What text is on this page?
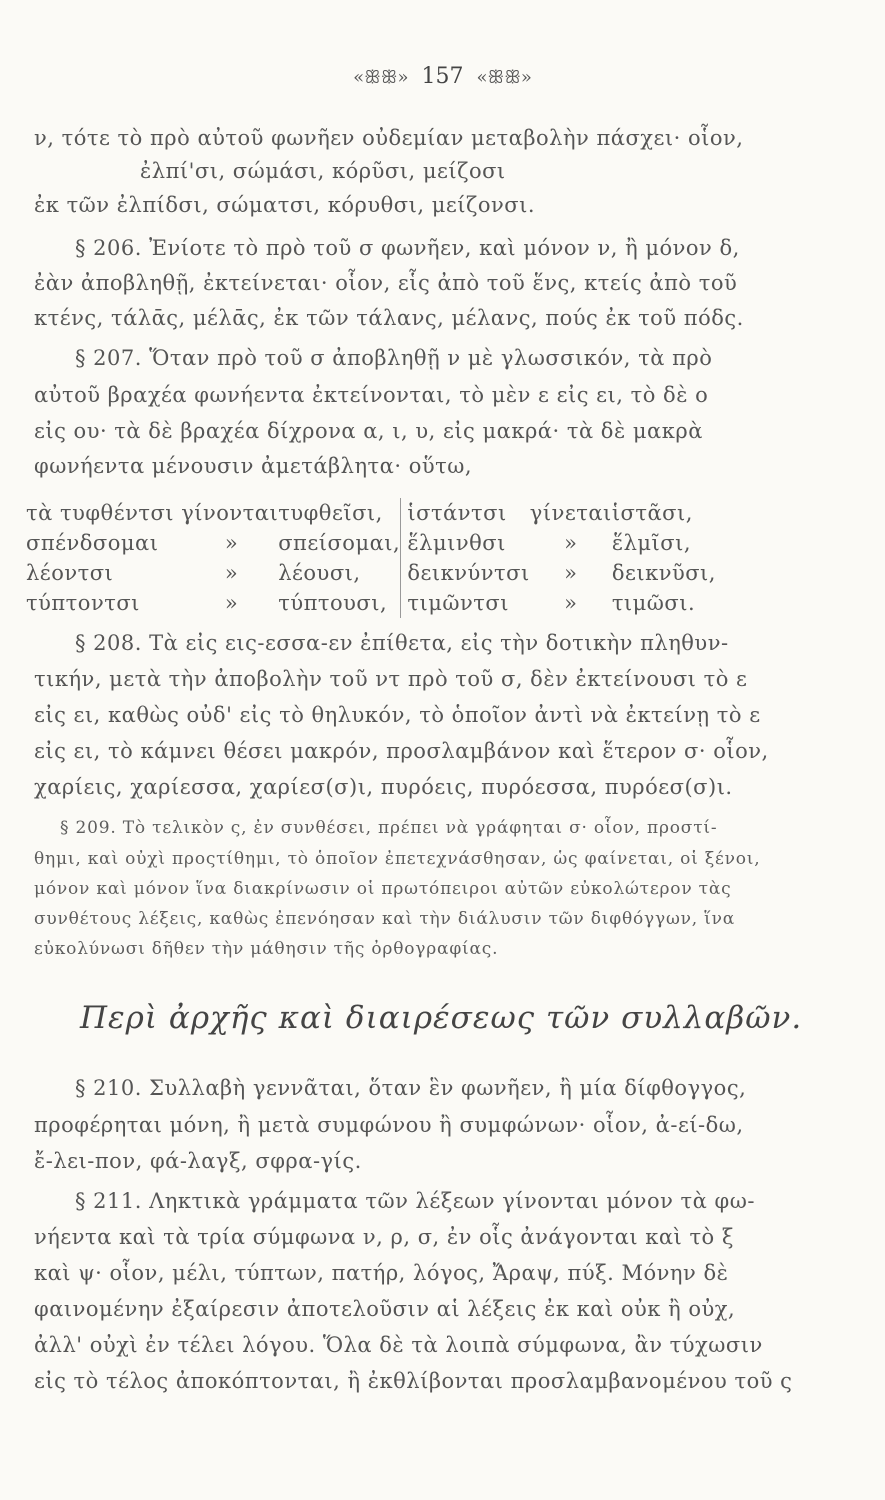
«ꕥꕥ» 157 «ꕥꕥ»
ν, τότε τὸ πρὸ αὐτοῦ φωνῆεν οὐδεμίαν μεταβολὴν πάσχει· οἷον,
ἐλπί'σι, σώμάσι, κόρῦσι, μείζοσι
ἐκ τῶν ἐλπίδσι, σώματσι, κόρυθσι, μείζονσι.
§ 206. Ἐνίοτε τὸ πρὸ τοῦ σ φωνῆεν, καὶ μόνον ν, ἢ μόνον δ,
ἐὰν ἀποβληθῇ, ἐκτείνεται· οἷον, εἷς ἀπὸ τοῦ ἕνς, κτείς ἀπὸ τοῦ
κτένς, τάλᾱς, μέλᾱς, ἐκ τῶν τάλανς, μέλανς, πούς ἐκ τοῦ πόδς.
§ 207. Ὅταν πρὸ τοῦ σ ἀποβληθῇ ν μὲ γλωσσικόν, τὰ πρὸ
αὐτοῦ βραχέα φωνήεντα ἐκτείνονται, τὸ μὲν ε εἰς ει, τὸ δὲ ο
εἰς ου· τὰ δὲ βραχέα δίχρονα α, ι, υ, εἰς μακρά· τὰ δὲ μακρὰ
φωνήεντα μένουσιν ἀμετάβλητα· οὕτω,
τὰ τυφθέντσι γίνονται		τυφθεῖσι,	ἱστάντσι	γίνεται	ἱστᾶσι,
σπένδσομαι	»	σπείσομαι,	ἕλμινθσι	»	ἕλμῖσι,
λέοντσι	»	λέουσι,	δεικνύντσι	»	δεικνῦσι,
τύπτοντσι	»	τύπτουσι,	τιμῶντσι	»	τιμῶσι.
§ 208. Τὰ εἰς εις-εσσα-εν ἐπίθετα, εἰς τὴν δοτικὴν πληθυν-
τικήν, μετὰ τὴν ἀποβολὴν τοῦ ντ πρὸ τοῦ σ, δὲν ἐκτείνουσι τὸ ε
εἰς ει, καθὼς οὐδ' εἰς τὸ θηλυκόν, τὸ ὁποῖον ἀντὶ νὰ ἐκτείνῃ τὸ ε
εἰς ει, τὸ κάμνει θέσει μακρόν, προσλαμβάνον καὶ ἕτερον σ· οἷον,
χαρίεις, χαρίεσσα, χαρίεσ(σ)ι, πυρόεις, πυρόεσσα, πυρόεσ(σ)ι.
§ 209. Τὸ τελικὸν ς, ἐν συνθέσει, πρέπει νὰ γράφηται σ· οἷον, προστί-
θημι, καὶ οὐχὶ προςτίθημι, τὸ ὁποῖον ἐπετεχνάσθησαν, ὡς φαίνεται, οἱ ξένοι,
μόνον καὶ μόνον ἵνα διακρίνωσιν οἱ πρωτόπειροι αὐτῶν εὐκολώτερον τὰς
συνθέτους λέξεις, καθὼς ἐπενόησαν καὶ τὴν διάλυσιν τῶν διφθόγγων, ἵνα
εὐκολύνωσι δῆθεν τὴν μάθησιν τῆς ὀρθογραφίας.
Περὶ ἀρχῆς καὶ διαιρέσεως τῶν συλλαβῶν.
§ 210. Συλλαβὴ γεννᾶται, ὅταν ἓν φωνῆεν, ἢ μία δίφθογγος,
προφέρηται μόνη, ἢ μετὰ συμφώνου ἢ συμφώνων· οἷον, ἀ-εί-δω,
ἔ-λει-πον, φά-λαγξ, σφρα-γίς.
§ 211. Ληκτικὰ γράμματα τῶν λέξεων γίνονται μόνον τὰ φω-
νήεντα καὶ τὰ τρία σύμφωνα ν, ρ, σ, ἐν οἷς ἀνάγονται καὶ τὸ ξ
καὶ ψ· οἷον, μέλι, τύπτων, πατήρ, λόγος, Ἄραψ, πύξ. Μόνην δὲ
φαινομένην ἐξαίρεσιν ἀποτελοῦσιν αἱ λέξεις ἐκ καὶ οὐκ ἢ οὐχ,
ἀλλ' οὐχὶ ἐν τέλει λόγου. Ὅλα δὲ τὰ λοιπὰ σύμφωνα, ἂν τύχωσιν
εἰς τὸ τέλος ἀποκόπτονται, ἢ ἐκθλίβονται προσλαμβανομένου τοῦ ς
